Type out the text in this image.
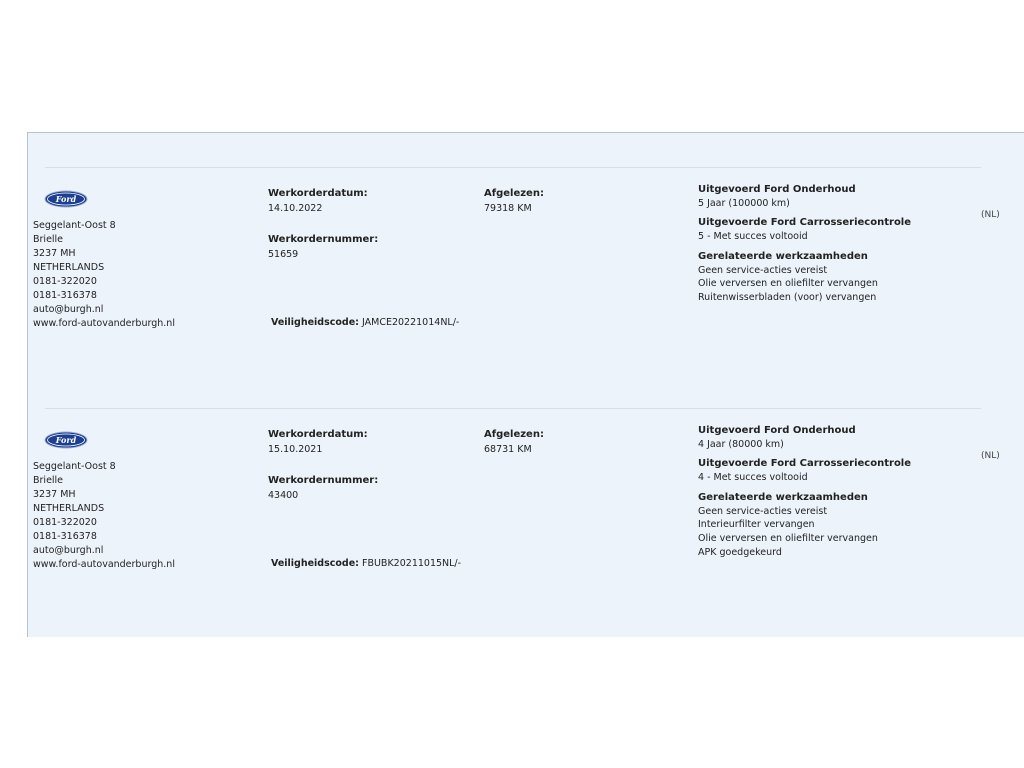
Ford
Seggelant-Oost 8
Brielle
3237 MH
NETHERLANDS
0181-322020
0181-316378
auto@burgh.nl
www.ford-autovanderburgh.nl
Werkorderdatum:
14.10.2022
Werkordernummer:
51659
Veiligheidscode: JAMCE20221014NL/-
Afgelezen:
79318 KM
Uitgevoerd Ford Onderhoud
5 Jaar (100000 km)
Uitgevoerde Ford Carrosseriecontrole
5 - Met succes voltooid
Gerelateerde werkzaamheden
Geen service-acties vereist
Olie verversen en oliefilter vervangen
Ruitenwisserbladen (voor) vervangen
(NL)
Ford
Seggelant-Oost 8
Brielle
3237 MH
NETHERLANDS
0181-322020
0181-316378
auto@burgh.nl
www.ford-autovanderburgh.nl
Werkorderdatum:
15.10.2021
Werkordernummer:
43400
Veiligheidscode: FBUBK20211015NL/-
Afgelezen:
68731 KM
Uitgevoerd Ford Onderhoud
4 Jaar (80000 km)
Uitgevoerde Ford Carrosseriecontrole
4 - Met succes voltooid
Gerelateerde werkzaamheden
Geen service-acties vereist
Interieurfilter vervangen
Olie verversen en oliefilter vervangen
APK goedgekeurd
(NL)
